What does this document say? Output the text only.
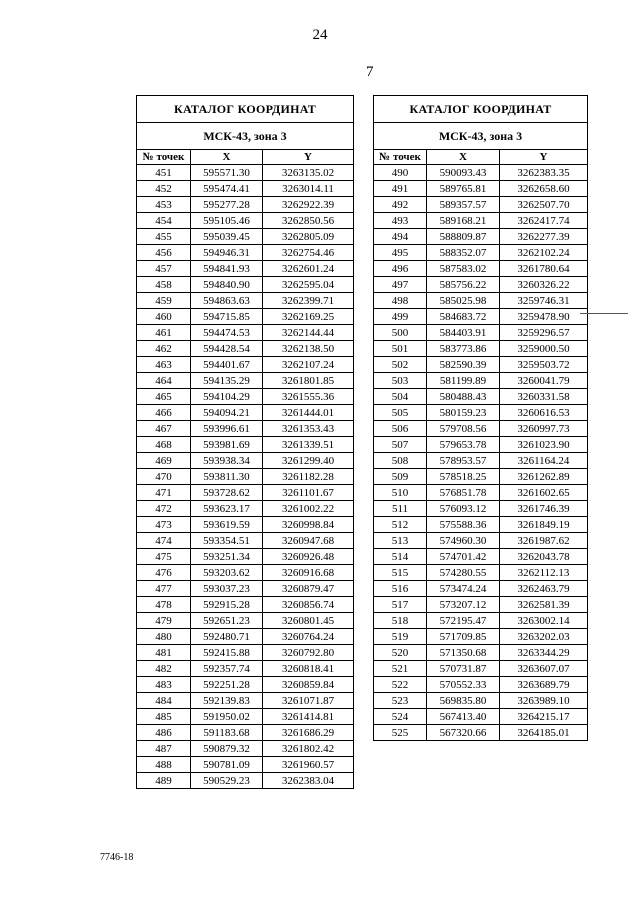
24
7
КАТАЛОГ КООРДИНАТ		
МСК-43, зона 3		
№ точек	X	Y
451	595571.30	3263135.02
452	595474.41	3263014.11
453	595277.28	3262922.39
454	595105.46	3262850.56
455	595039.45	3262805.09
456	594946.31	3262754.46
457	594841.93	3262601.24
458	594840.90	3262595.04
459	594863.63	3262399.71
460	594715.85	3262169.25
461	594474.53	3262144.44
462	594428.54	3262138.50
463	594401.67	3262107.24
464	594135.29	3261801.85
465	594104.29	3261555.36
466	594094.21	3261444.01
467	593996.61	3261353.43
468	593981.69	3261339.51
469	593938.34	3261299.40
470	593811.30	3261182.28
471	593728.62	3261101.67
472	593623.17	3261002.22
473	593619.59	3260998.84
474	593354.51	3260947.68
475	593251.34	3260926.48
476	593203.62	3260916.68
477	593037.23	3260879.47
478	592915.28	3260856.74
479	592651.23	3260801.45
480	592480.71	3260764.24
481	592415.88	3260792.80
482	592357.74	3260818.41
483	592251.28	3260859.84
484	592139.83	3261071.87
485	591950.02	3261414.81
486	591183.68	3261686.29
487	590879.32	3261802.42
488	590781.09	3261960.57
489	590529.23	3262383.04
КАТАЛОГ КООРДИНАТ		
МСК-43, зона 3		
№ точек	X	Y
490	590093.43	3262383.35
491	589765.81	3262658.60
492	589357.57	3262507.70
493	589168.21	3262417.74
494	588809.87	3262277.39
495	588352.07	3262102.24
496	587583.02	3261780.64
497	585756.22	3260326.22
498	585025.98	3259746.31
499	584683.72	3259478.90
500	584403.91	3259296.57
501	583773.86	3259000.50
502	582590.39	3259503.72
503	581199.89	3260041.79
504	580488.43	3260331.58
505	580159.23	3260616.53
506	579708.56	3260997.73
507	579653.78	3261023.90
508	578953.57	3261164.24
509	578518.25	3261262.89
510	576851.78	3261602.65
511	576093.12	3261746.39
512	575588.36	3261849.19
513	574960.30	3261987.62
514	574701.42	3262043.78
515	574280.55	3262112.13
516	573474.24	3262463.79
517	573207.12	3262581.39
518	572195.47	3263002.14
519	571709.85	3263202.03
520	571350.68	3263344.29
521	570731.87	3263607.07
522	570552.33	3263689.79
523	569835.80	3263989.10
524	567413.40	3264215.17
525	567320.66	3264185.01
7746-18
